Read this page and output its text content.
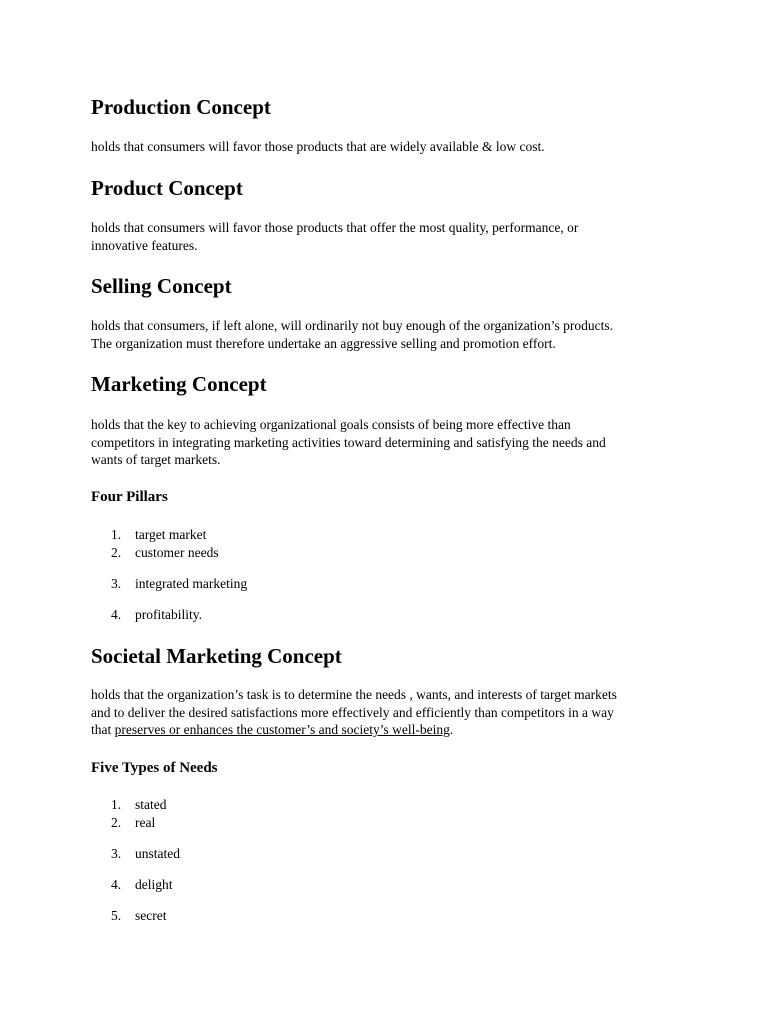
Production Concept

holds that consumers will favor those products that are widely available & low cost.

Product Concept

holds that consumers will favor those products that offer the most quality, performance, or
innovative features.

Selling Concept

holds that consumers, if left alone, will ordinarily not buy enough of the organization’s products.
The organization must therefore undertake an aggressive selling and promotion effort.

Marketing Concept

holds that the key to achieving organizational goals consists of being more effective than
competitors in integrating marketing activities toward determining and satisfying the needs and
wants of target markets.

Four Pillars
1. target market
2. customer needs
3. integrated marketing
4. profitability.
Societal Marketing Concept

holds that the organization’s task is to determine the needs , wants, and interests of target markets
and to deliver the desired satisfactions more effectively and efficiently than competitors in a way
that preserves or enhances the customer’s and society’s well-being.

Five Types of Needs
1. stated
2. real
3. unstated
4. delight
5. secret
